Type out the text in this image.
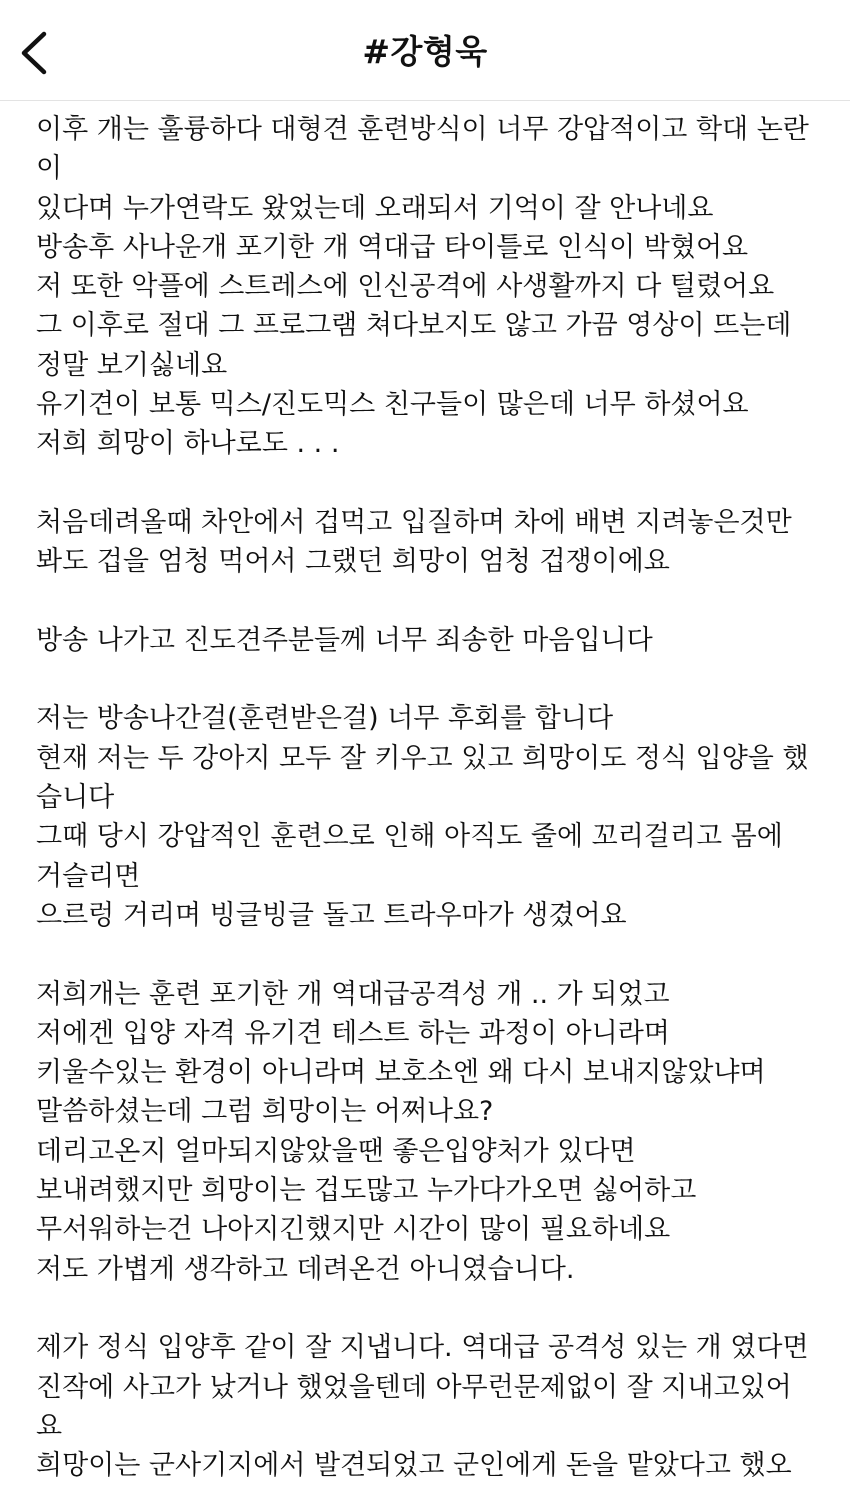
#강형욱
이후 개는 훌륭하다 대형견 훈련방식이 너무 강압적이고 학대 논란
이
있다며 누가연락도 왔었는데 오래되서 기억이 잘 안나네요
방송후 사나운개 포기한 개 역대급 타이틀로 인식이 박혔어요
저 또한 악플에 스트레스에 인신공격에 사생활까지 다 털렸어요
그 이후로 절대 그 프로그램 쳐다보지도 않고 가끔 영상이 뜨는데
정말 보기싫네요
유기견이 보통 믹스/진도믹스 친구들이 많은데 너무 하셨어요
저희 희망이 하나로도 . . .
처음데려올때 차안에서 겁먹고 입질하며 차에 배변 지려놓은것만
봐도 겁을 엄청 먹어서 그랬던 희망이 엄청 겁쟁이에요
방송 나가고 진도견주분들께 너무 죄송한 마음입니다
저는 방송나간걸(훈련받은걸) 너무 후회를 합니다
현재 저는 두 강아지 모두 잘 키우고 있고 희망이도 정식 입양을 했
습니다
그때 당시 강압적인 훈련으로 인해 아직도 줄에 꼬리걸리고 몸에
거슬리면
으르렁 거리며 빙글빙글 돌고 트라우마가 생겼어요
저희개는 훈련 포기한 개 역대급공격성 개 .. 가 되었고
저에겐 입양 자격 유기견 테스트 하는 과정이 아니라며
키울수있는 환경이 아니라며 보호소엔 왜 다시 보내지않았냐며
말씀하셨는데 그럼 희망이는 어쩌나요?
데리고온지 얼마되지않았을땐 좋은입양처가 있다면
보내려했지만 희망이는 겁도많고 누가다가오면 싫어하고
무서워하는건 나아지긴했지만 시간이 많이 필요하네요
저도 가볍게 생각하고 데려온건 아니였습니다.
제가 정식 입양후 같이 잘 지냅니다. 역대급 공격성 있는 개 였다면
진작에 사고가 났거나 했었을텐데 아무런문제없이 잘 지내고있어
요
희망이는 군사기지에서 발견되었고 군인에게 돈을 맡았다고 했오
